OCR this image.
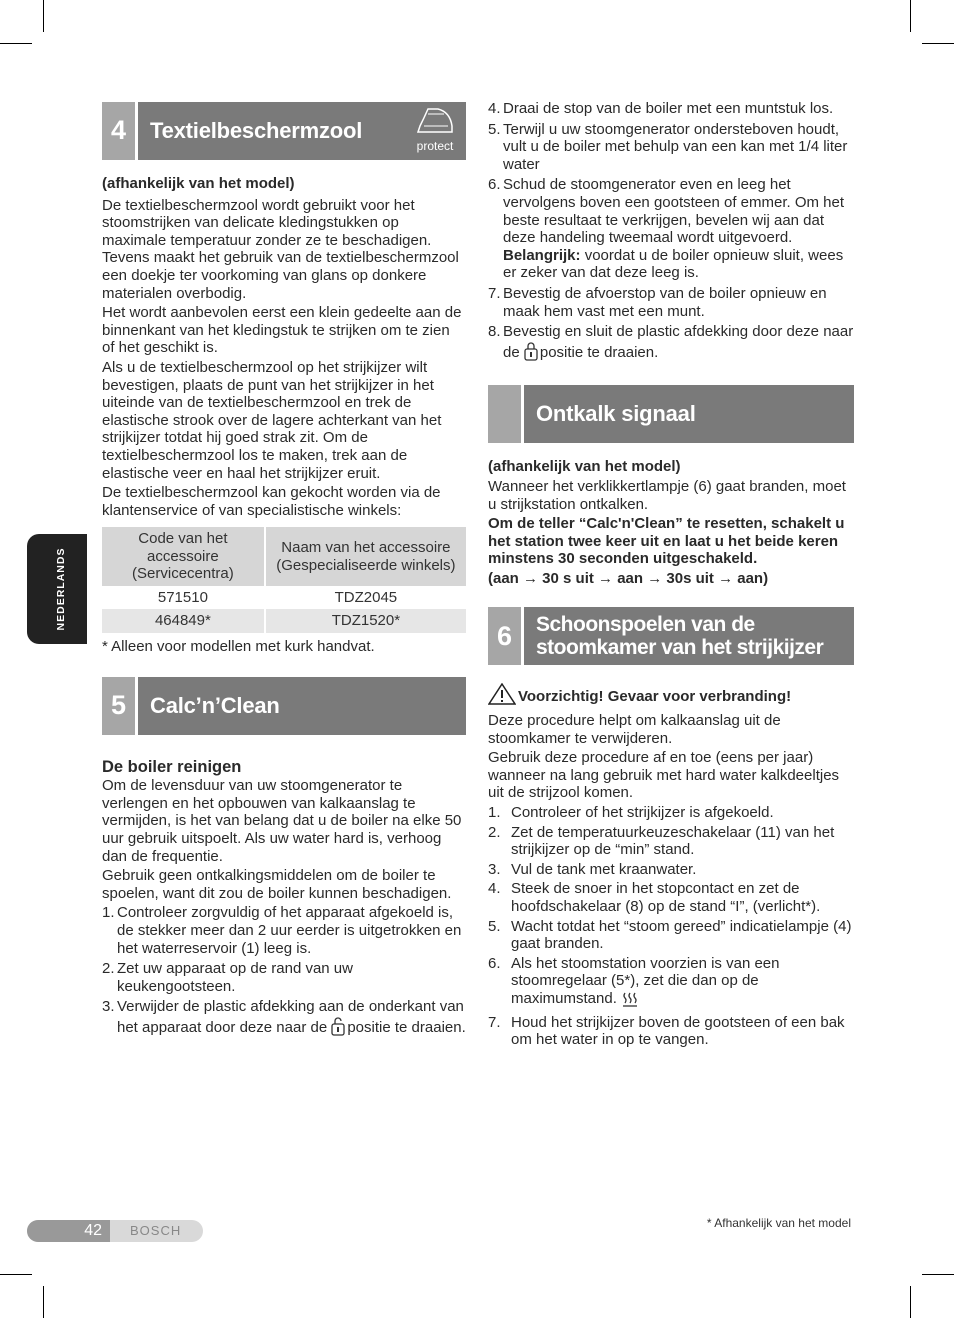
NEDERLANDS
4	Textielbeschermzool
protect

(afhankelijk van het model)

De textielbeschermzool wordt gebruikt voor het stoomstrijken van delicate kledingstukken op maximale temperatuur zonder ze te beschadigen. Tevens maakt het gebruik van de textielbeschermzool een doekje ter voorkoming van glans op donkere materialen overbodig.

Het wordt aanbevolen eerst een klein gedeelte aan de binnenkant van het kledingstuk te strijken om te zien of het geschikt is.

Als u de textielbeschermzool op het strijkijzer wilt bevestigen, plaats de punt van het strijkijzer in het uiteinde van de textielbeschermzool en trek de elastische strook over de lagere achterkant van het strijkijzer totdat hij goed strak zit. Om de textielbeschermzool los te maken, trek aan de elastische veer en haal het strijkijzer eruit.

De textielbeschermzool kan gekocht worden via de klantenservice of van specialistische winkels:

Code van het accessoire (Servicecentra)	Naam van het accessoire (Gespecialiseerde winkels)
571510	TDZ2045
464849*	TDZ1520*

* Alleen voor modellen met kurk handvat.

5	Calc’n’Clean
De boiler reinigen

Om de levensduur van uw stoomgenerator te verlengen en het opbouwen van kalkaanslag te vermijden, is het van belang dat u de boiler na elke 50 uur gebruik uitspoelt. Als uw water hard is, verhoog dan de frequentie.

Gebruik geen ontkalkingsmiddelen om de boiler te spoelen, want dit zou de boiler kunnen beschadigen.

1. Controleer zorgvuldig of het apparaat afgekoeld is, de stekker meer dan 2 uur eerder is uitgetrokken en het waterreservoir (1) leeg is.
2. Zet uw apparaat op de rand van uw keukengootsteen.
3. Verwijder de plastic afdekking aan de onderkant van het apparaat door deze naar de positie te draaien.
4. Draai de stop van de boiler met een muntstuk los.
5. Terwijl u uw stoomgenerator ondersteboven houdt, vult u de boiler met behulp van een kan met 1/4 liter water
6. Schud de stoomgenerator even en leeg het vervolgens boven een gootsteen of emmer. Om het beste resultaat te verkrijgen, bevelen wij aan dat deze handeling tweemaal wordt uitgevoerd.
Belangrijk: voordat u de boiler opnieuw sluit, wees er zeker van dat deze leeg is.
7. Bevestig de afvoerstop van de boiler opnieuw en maak hem vast met een munt.
8. Bevestig en sluit de plastic afdekking door deze naar de positie te draaien.
Ontkalk signaal

(afhankelijk van het model)

Wanneer het verklikkertlampje (6) gaat branden, moet u strijkstation ontkalken.

Om de teller “Calc'n'Clean” te resetten, schakelt u het station twee keer uit en laat u het beide keren minstens 30 seconden uitgeschakeld.

(aan → 30 s uit → aan → 30s uit → aan)

6	Schoonspoelen van de
stoomkamer van het strijkijzer

Voorzichtig! Gevaar voor verbranding!

Deze procedure helpt om kalkaanslag uit de stoomkamer te verwijderen.

Gebruik deze procedure af en toe (eens per jaar) wanneer na lang gebruik met hard water kalkdeeltjes uit de strijzool komen.

1. Controleer of het strijkijzer is afgekoeld.
2. Zet de temperatuurkeuzeschakelaar (11) van het strijkijzer op de “min” stand.
3. Vul de tank met kraanwater.
4. Steek de snoer in het stopcontact en zet de hoofdschakelaar (8) op de stand “I”, (verlicht*).
5. Wacht totdat het “stoom gereed” indicatielampje (4) gaat branden.
6. Als het stoomstation voorzien is van een stoomregelaar (5*), zet die dan op de maximumstand.
7. Houd het strijkijzer boven de gootsteen of een bak om het water in op te vangen.
42	BOSCH	* Afhankelijk van het model
